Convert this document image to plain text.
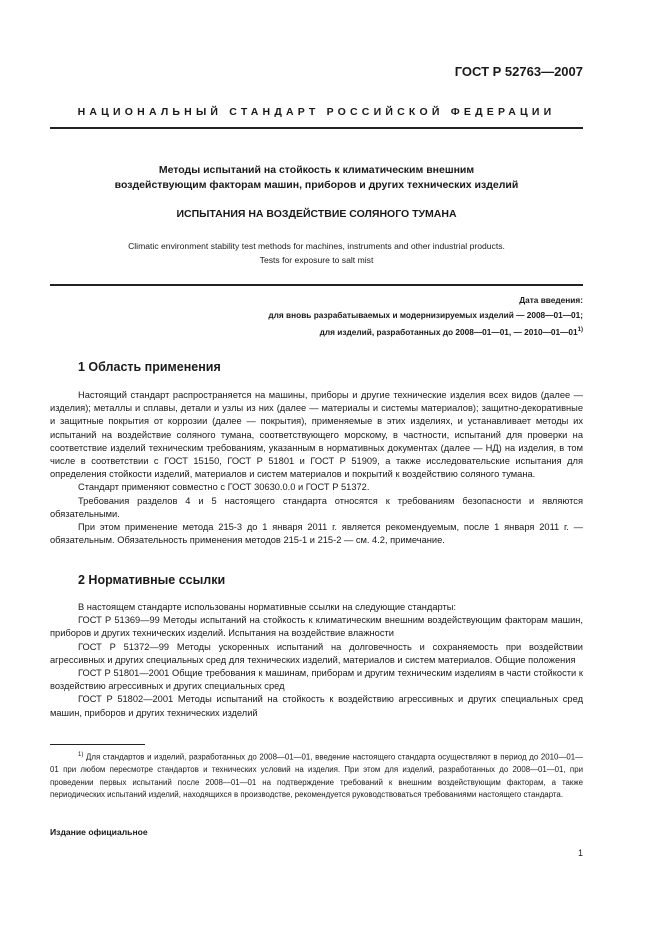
ГОСТ Р 52763—2007
НАЦИОНАЛЬНЫЙ СТАНДАРТ РОССИЙСКОЙ ФЕДЕРАЦИИ
Методы испытаний на стойкость к климатическим внешним
воздействующим факторам машин, приборов и других технических изделий
ИСПЫТАНИЯ НА ВОЗДЕЙСТВИЕ СОЛЯНОГО ТУМАНА
Climatic environment stability test methods for machines, instruments and other industrial products.
Tests for exposure to salt mist
Дата введения:
для вновь разрабатываемых и модернизируемых изделий — 2008—01—01;
для изделий, разработанных до 2008—01—01, — 2010—01—01$^{1)}$
1 Область применения

Настоящий стандарт распространяется на машины, приборы и другие технические изделия всех видов (далее — изделия); металлы и сплавы, детали и узлы из них (далее — материалы и системы материалов); защитно-декоративные и защитные покрытия от коррозии (далее — покрытия), применяемые в этих изделиях, и устанавливает методы их испытаний на воздействие соляного тумана, соответствующего морскому, в частности, испытаний для проверки на соответствие изделий техническим требованиям, указанным в нормативных документах (далее — НД) на изделия, в том числе в соответствии с ГОСТ 15150, ГОСТ Р 51801 и ГОСТ Р 51909, а также исследовательские испытания для определения стойкости изделий, материалов и систем материалов и покрытий к воздействию соляного тумана.

Стандарт применяют совместно с ГОСТ 30630.0.0 и ГОСТ Р 51372.

Требования разделов 4 и 5 настоящего стандарта относятся к требованиям безопасности и являются обязательными.

При этом применение метода 215-3 до 1 января 2011 г. является рекомендуемым, после 1 января 2011 г. — обязательным. Обязательность применения методов 215-1 и 215-2 — см. 4.2, примечание.

2 Нормативные ссылки

В настоящем стандарте использованы нормативные ссылки на следующие стандарты:

ГОСТ Р 51369—99 Методы испытаний на стойкость к климатическим внешним воздействующим факторам машин, приборов и других технических изделий. Испытания на воздействие влажности

ГОСТ Р 51372—99 Методы ускоренных испытаний на долговечность и сохраняемость при воздействии агрессивных и других специальных сред для технических изделий, материалов и систем материалов. Общие положения

ГОСТ Р 51801—2001 Общие требования к машинам, приборам и другим техническим изделиям в части стойкости к воздействию агрессивных и других специальных сред

ГОСТ Р 51802—2001 Методы испытаний на стойкость к воздействию агрессивных и других специальных сред машин, приборов и других технических изделий

$^{1)}$ Для стандартов и изделий, разработанных до 2008—01—01, введение настоящего стандарта осуществляют в период до 2010—01—01 при любом пересмотре стандартов и технических условий на изделия. При этом для изделий, разработанных до 2008—01—01, при проведении первых испытаний после 2008—01—01 на подтверждение требований к внешним воздействующим факторам, а также периодических испытаний изделий, находящихся в производстве, рекомендуется руководствоваться требованиями настоящего стандарта.
Издание официальное
1
